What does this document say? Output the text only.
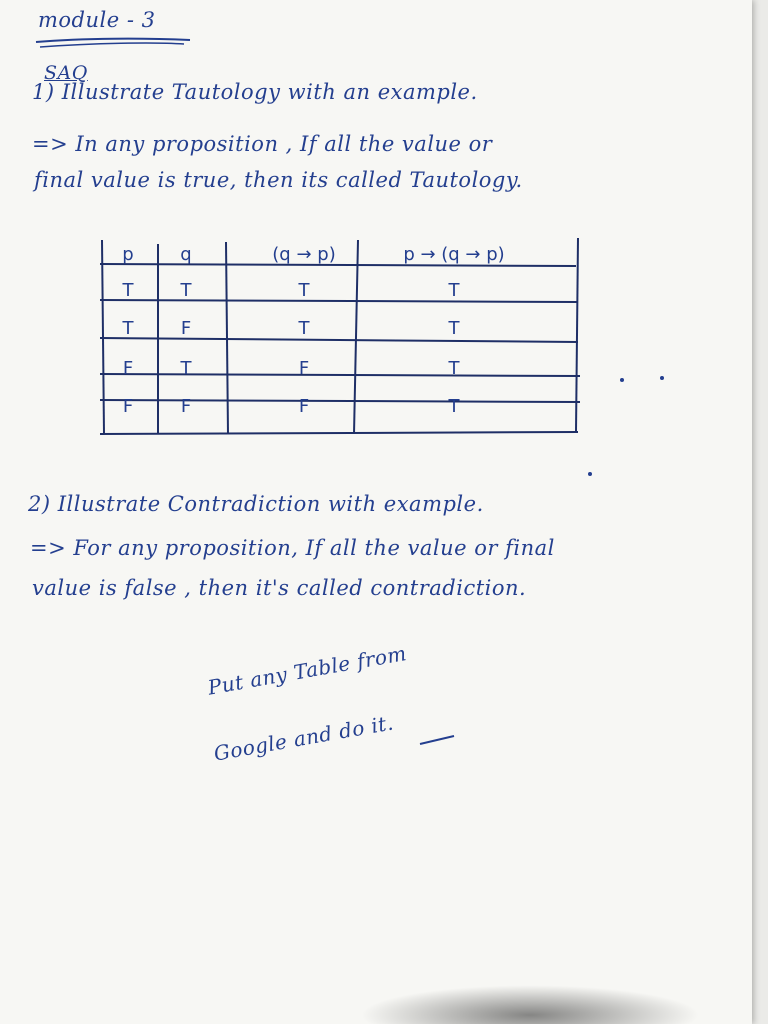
module - 3
SAQ
1) Illustrate Tautology with an example.
=> In any proposition , If all the value or
final value is true, then its called Tautology.
p	q	(q → p)	p → (q → p)
T	T	T	T
T	F	T	T
F	T	F	T
F	F	F	T
2) Illustrate Contradiction with example.
=> For any proposition, If all the value or final
value is false , then it's called contradiction.
Put any Table from
Google and do it.
